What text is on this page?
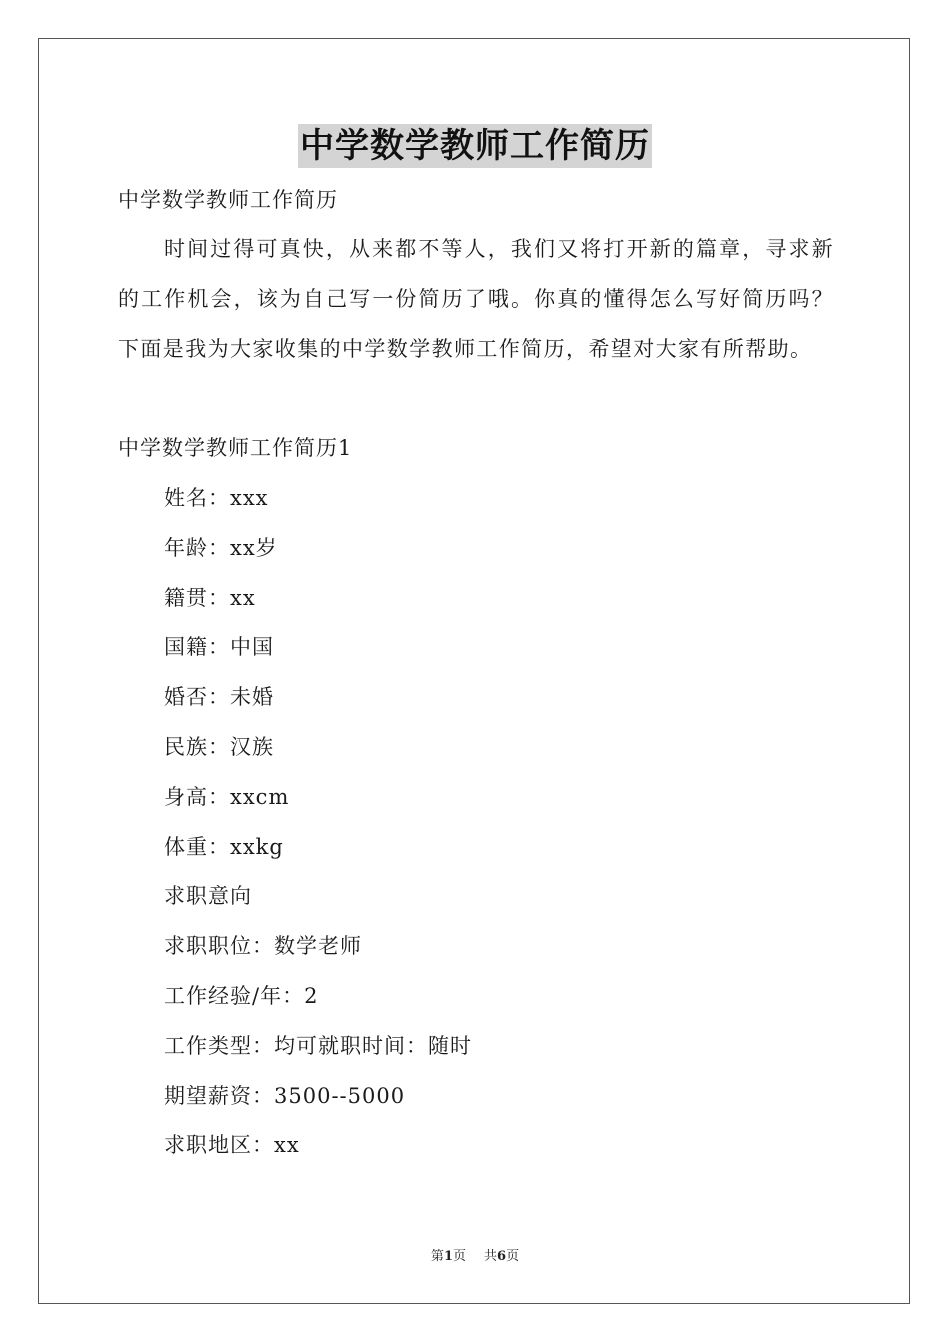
中学数学教师工作简历
中学数学教师工作简历
时间过得可真快，从来都不等人，我们又将打开新的篇章，寻求新的工作机会，该为自己写一份简历了哦。你真的懂得怎么写好简历吗？下面是我为大家收集的中学数学教师工作简历，希望对大家有所帮助。
中学数学教师工作简历1
姓名：xxx
年龄：xx岁
籍贯：xx
国籍：中国
婚否：未婚
民族：汉族
身高：xxcm
体重：xxkg
求职意向
求职职位：数学老师
工作经验/年：2
工作类型：均可就职时间：随时
期望薪资：3500--5000
求职地区：xx
第1页 共6页
